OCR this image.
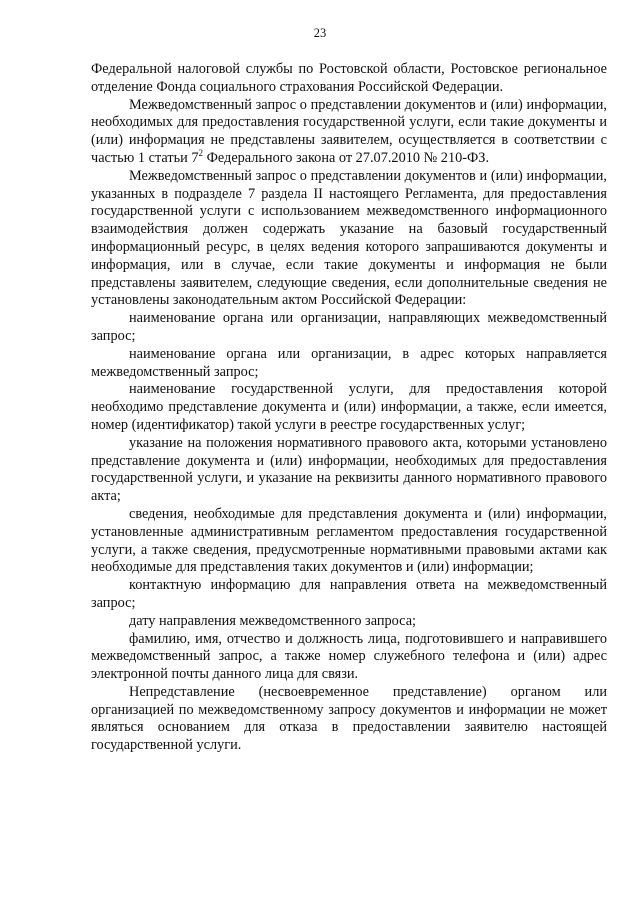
23

Федеральной налоговой службы по Ростовской области, Ростовское региональное отделение Фонда социального страхования Российской Федерации.

Межведомственный запрос о представлении документов и (или) информации, необходимых для предоставления государственной услуги, если такие документы и (или) информация не представлены заявителем, осуществляется в соответствии с частью 1 статьи $7^2$ Федерального закона от 27.07.2010 № 210-ФЗ.

Межведомственный запрос о представлении документов и (или) информации, указанных в подразделе 7 раздела II настоящего Регламента, для предоставления государственной услуги с использованием межведомственного информационного взаимодействия должен содержать указание на базовый государственный информационный ресурс, в целях ведения которого запрашиваются документы и информация, или в случае, если такие документы и информация не были представлены заявителем, следующие сведения, если дополнительные сведения не установлены законодательным актом Российской Федерации:

наименование органа или организации, направляющих межведомственный запрос;

наименование органа или организации, в адрес которых направляется межведомственный запрос;

наименование государственной услуги, для предоставления которой необходимо представление документа и (или) информации, а также, если имеется, номер (идентификатор) такой услуги в реестре государственных услуг;

указание на положения нормативного правового акта, которыми установлено представление документа и (или) информации, необходимых для предоставления государственной услуги, и указание на реквизиты данного нормативного правового акта;

сведения, необходимые для представления документа и (или) информации, установленные административным регламентом предоставления государственной услуги, а также сведения, предусмотренные нормативными правовыми актами как необходимые для представления таких документов и (или) информации;

контактную информацию для направления ответа на межведомственный запрос;

дату направления межведомственного запроса;

фамилию, имя, отчество и должность лица, подготовившего и направившего межведомственный запрос, а также номер служебного телефона и (или) адрес электронной почты данного лица для связи.

Непредставление (несвоевременное представление) органом или организацией по межведомственному запросу документов и информации не может являться основанием для отказа в предоставлении заявителю настоящей государственной услуги.
